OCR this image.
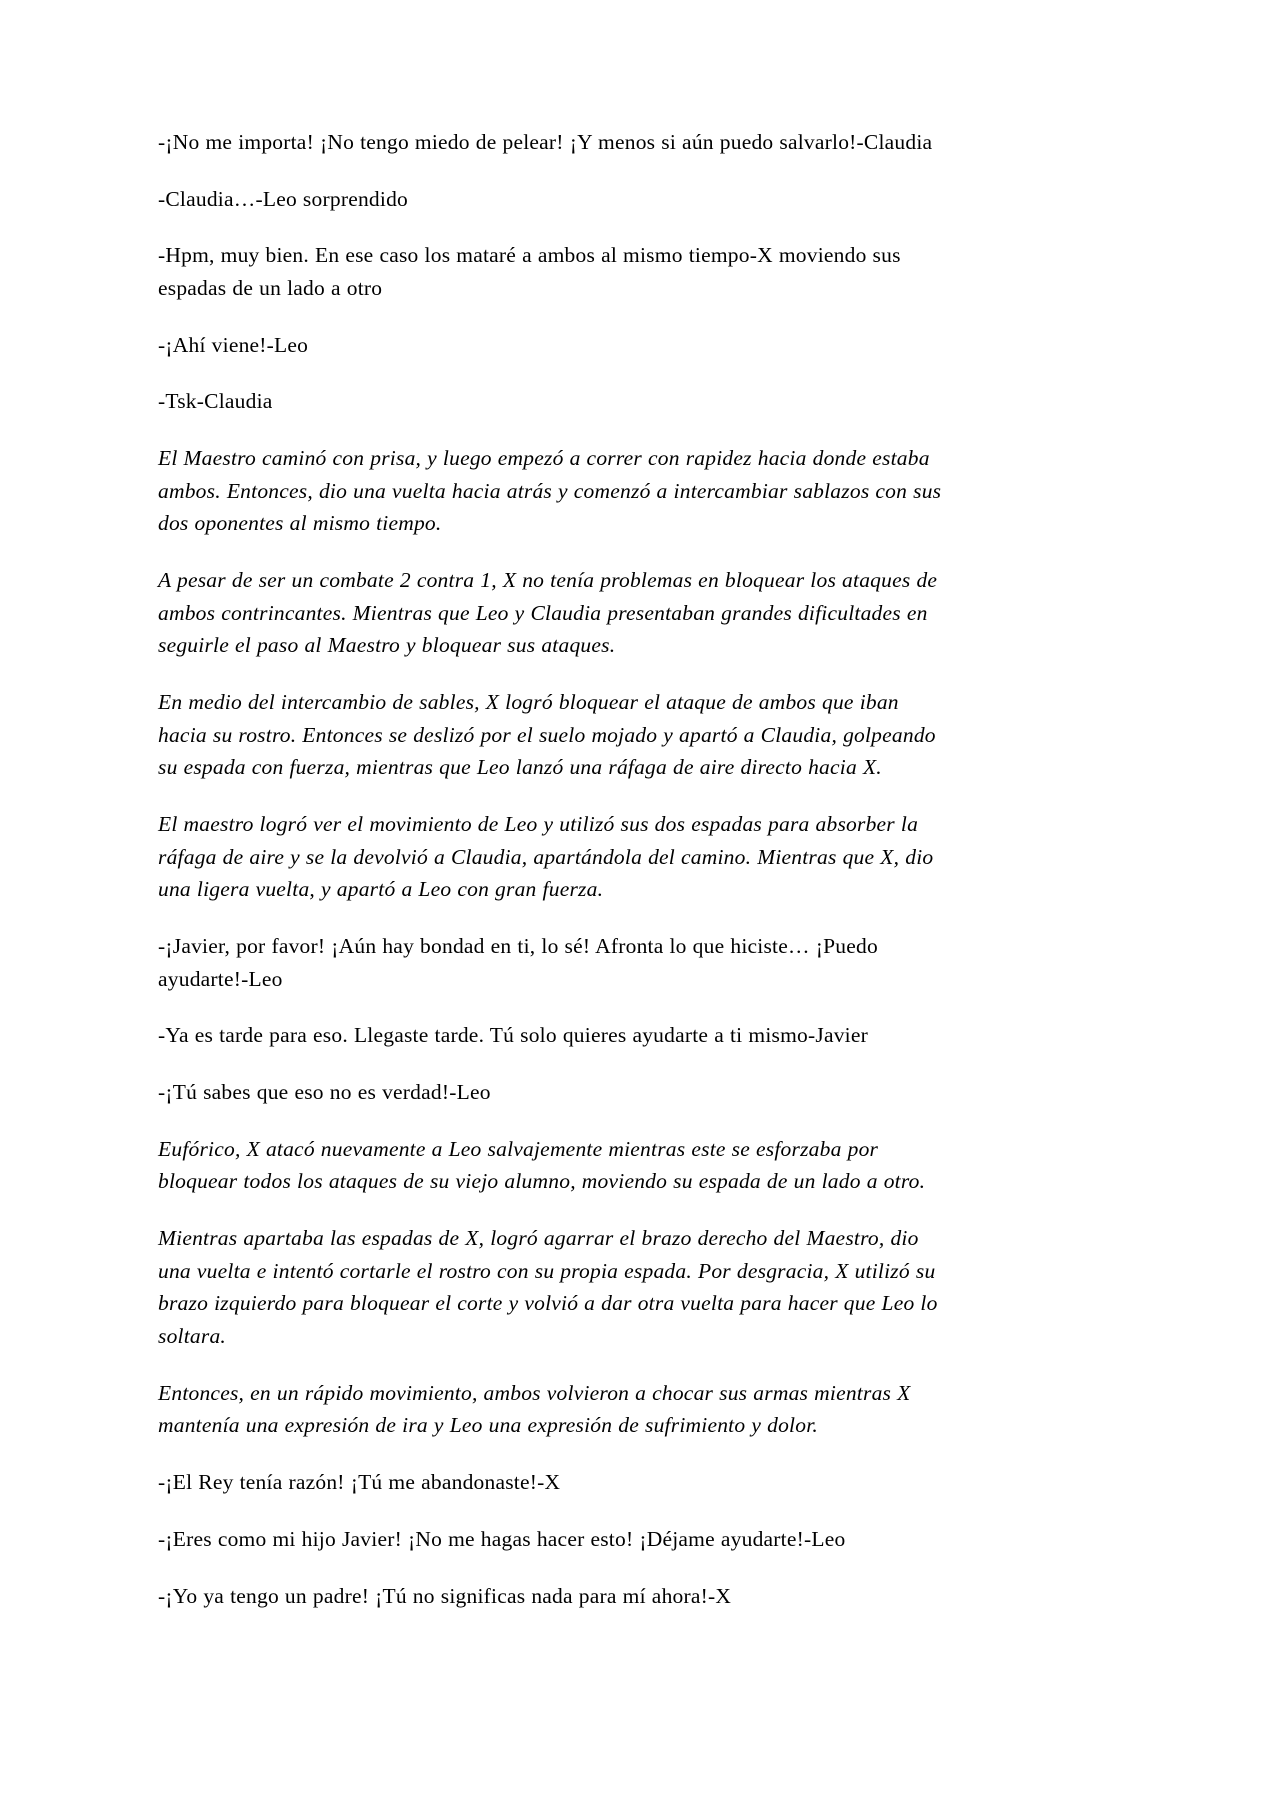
-¡No me importa! ¡No tengo miedo de pelear! ¡Y menos si aún puedo salvarlo!-Claudia

-Claudia…-Leo sorprendido

-Hpm, muy bien. En ese caso los mataré a ambos al mismo tiempo-X moviendo sus espadas de un lado a otro

-¡Ahí viene!-Leo

-Tsk-Claudia

El Maestro caminó con prisa, y luego empezó a correr con rapidez hacia donde estaba ambos. Entonces, dio una vuelta hacia atrás y comenzó a intercambiar sablazos con sus dos oponentes al mismo tiempo.

A pesar de ser un combate 2 contra 1, X no tenía problemas en bloquear los ataques de ambos contrincantes. Mientras que Leo y Claudia presentaban grandes dificultades en seguirle el paso al Maestro y bloquear sus ataques.

En medio del intercambio de sables, X logró bloquear el ataque de ambos que iban hacia su rostro. Entonces se deslizó por el suelo mojado y apartó a Claudia, golpeando su espada con fuerza, mientras que Leo lanzó una ráfaga de aire directo hacia X.

El maestro logró ver el movimiento de Leo y utilizó sus dos espadas para absorber la ráfaga de aire y se la devolvió a Claudia, apartándola del camino. Mientras que X, dio una ligera vuelta, y apartó a Leo con gran fuerza.

-¡Javier, por favor! ¡Aún hay bondad en ti, lo sé! Afronta lo que hiciste… ¡Puedo ayudarte!-Leo

-Ya es tarde para eso. Llegaste tarde. Tú solo quieres ayudarte a ti mismo-Javier

-¡Tú sabes que eso no es verdad!-Leo

Eufórico, X atacó nuevamente a Leo salvajemente mientras este se esforzaba por bloquear todos los ataques de su viejo alumno, moviendo su espada de un lado a otro.

Mientras apartaba las espadas de X, logró agarrar el brazo derecho del Maestro, dio una vuelta e intentó cortarle el rostro con su propia espada. Por desgracia, X utilizó su brazo izquierdo para bloquear el corte y volvió a dar otra vuelta para hacer que Leo lo soltara.

Entonces, en un rápido movimiento, ambos volvieron a chocar sus armas mientras X mantenía una expresión de ira y Leo una expresión de sufrimiento y dolor.

-¡El Rey tenía razón! ¡Tú me abandonaste!-X

-¡Eres como mi hijo Javier! ¡No me hagas hacer esto! ¡Déjame ayudarte!-Leo

-¡Yo ya tengo un padre! ¡Tú no significas nada para mí ahora!-X
